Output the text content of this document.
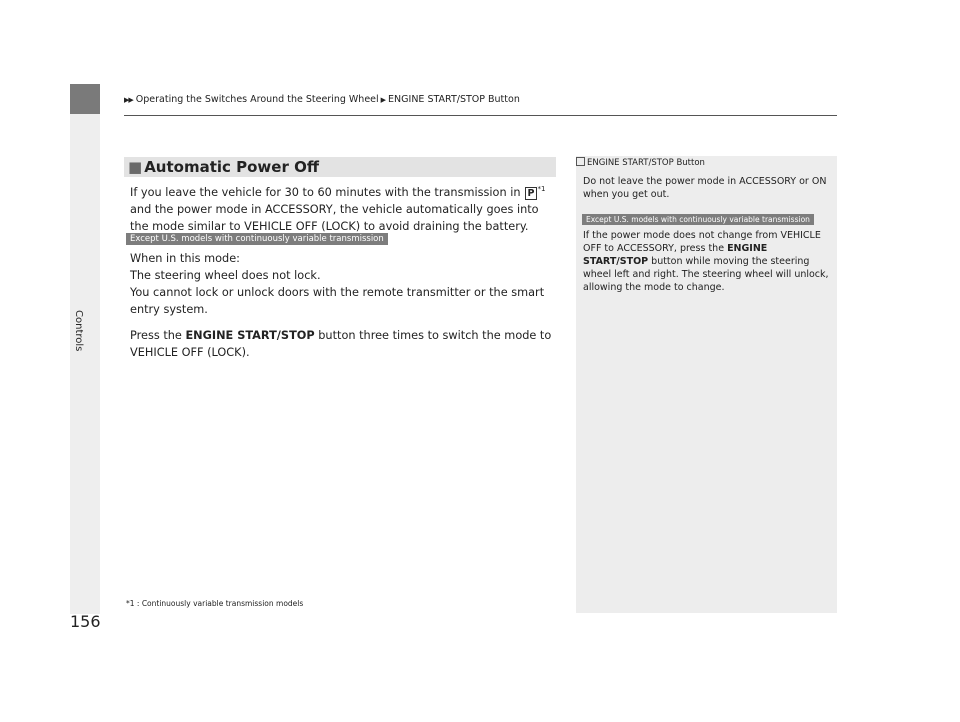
Controls
156
▶▶ Operating the Switches Around the Steering Wheel ▶ ENGINE START/STOP Button
■ Automatic Power Off

If you leave the vehicle for 30 to 60 minutes with the transmission in P $^{*1}$ and the power mode in ACCESSORY, the vehicle automatically goes into the mode similar to VEHICLE OFF (LOCK) to avoid draining the battery.

Except U.S. models with continuously variable transmission

When in this mode:

The steering wheel does not lock.

You cannot lock or unlock doors with the remote transmitter or the smart entry system.

Press the ENGINE START/STOP button three times to switch the mode to VEHICLE OFF (LOCK).

*1 : Continuously variable transmission models
ENGINE START/STOP Button

Do not leave the power mode in ACCESSORY or ON when you get out.

Except U.S. models with continuously variable transmission

If the power mode does not change from VEHICLE OFF to ACCESSORY, press the ENGINE START/STOP button while moving the steering wheel left and right. The steering wheel will unlock, allowing the mode to change.
